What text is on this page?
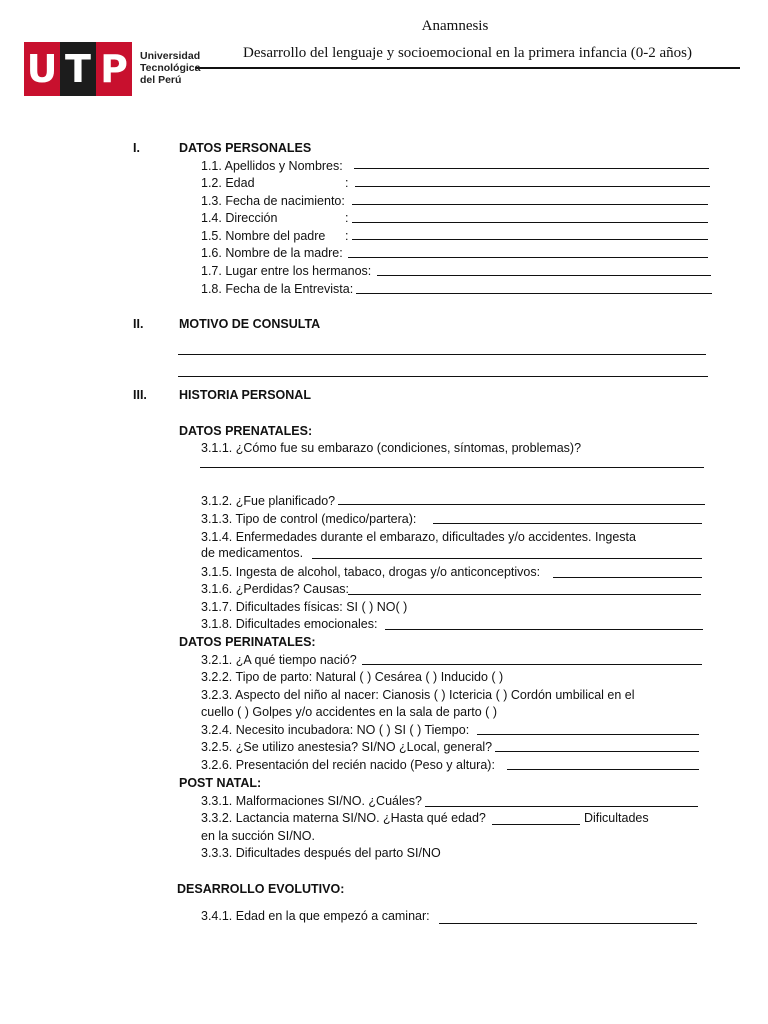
Anamnesis
Desarrollo del lenguaje y socioemocional en la primera infancia (0-2 años)
U T P	Universidad
Tecnológica
del Perú
I.	DATOS PERSONALES
1.1. Apellidos y Nombres:
1.2. Edad	:
1.3. Fecha de nacimiento:
1.4. Dirección	:
1.5. Nombre del padre :
1.6. Nombre de la madre:
1.7. Lugar entre los hermanos:
1.8. Fecha de la Entrevista:
II.	MOTIVO DE CONSULTA
III.	HISTORIA PERSONAL
DATOS PRENATALES:
3.1.1. ¿Cómo fue su embarazo (condiciones, síntomas, problemas)?
3.1.2. ¿Fue planificado?
3.1.3. Tipo de control (medico/partera):
3.1.4. Enfermedades durante el embarazo, dificultades y/o accidentes. Ingesta
de medicamentos.
3.1.5. Ingesta de alcohol, tabaco, drogas y/o anticonceptivos:
3.1.6. ¿Perdidas? Causas:
3.1.7. Dificultades físicas: SI ( ) NO( )
3.1.8. Dificultades emocionales:
DATOS PERINATALES:
3.2.1. ¿A qué tiempo nació?
3.2.2. Tipo de parto: Natural ( ) Cesárea ( ) Inducido ( )
3.2.3. Aspecto del niño al nacer: Cianosis ( ) Ictericia ( ) Cordón umbilical en el
cuello ( ) Golpes y/o accidentes en la sala de parto ( )
3.2.4. Necesito incubadora: NO ( ) SI ( ) Tiempo:
3.2.5. ¿Se utilizo anestesia? SI/NO ¿Local, general?
3.2.6. Presentación del recién nacido (Peso y altura):
POST NATAL:
3.3.1. Malformaciones SI/NO. ¿Cuáles?
3.3.2. Lactancia materna SI/NO. ¿Hasta qué edad?	Dificultades
en la succión SI/NO.
3.3.3. Dificultades después del parto SI/NO
DESARROLLO EVOLUTIVO:
3.4.1. Edad en la que empezó a caminar:
